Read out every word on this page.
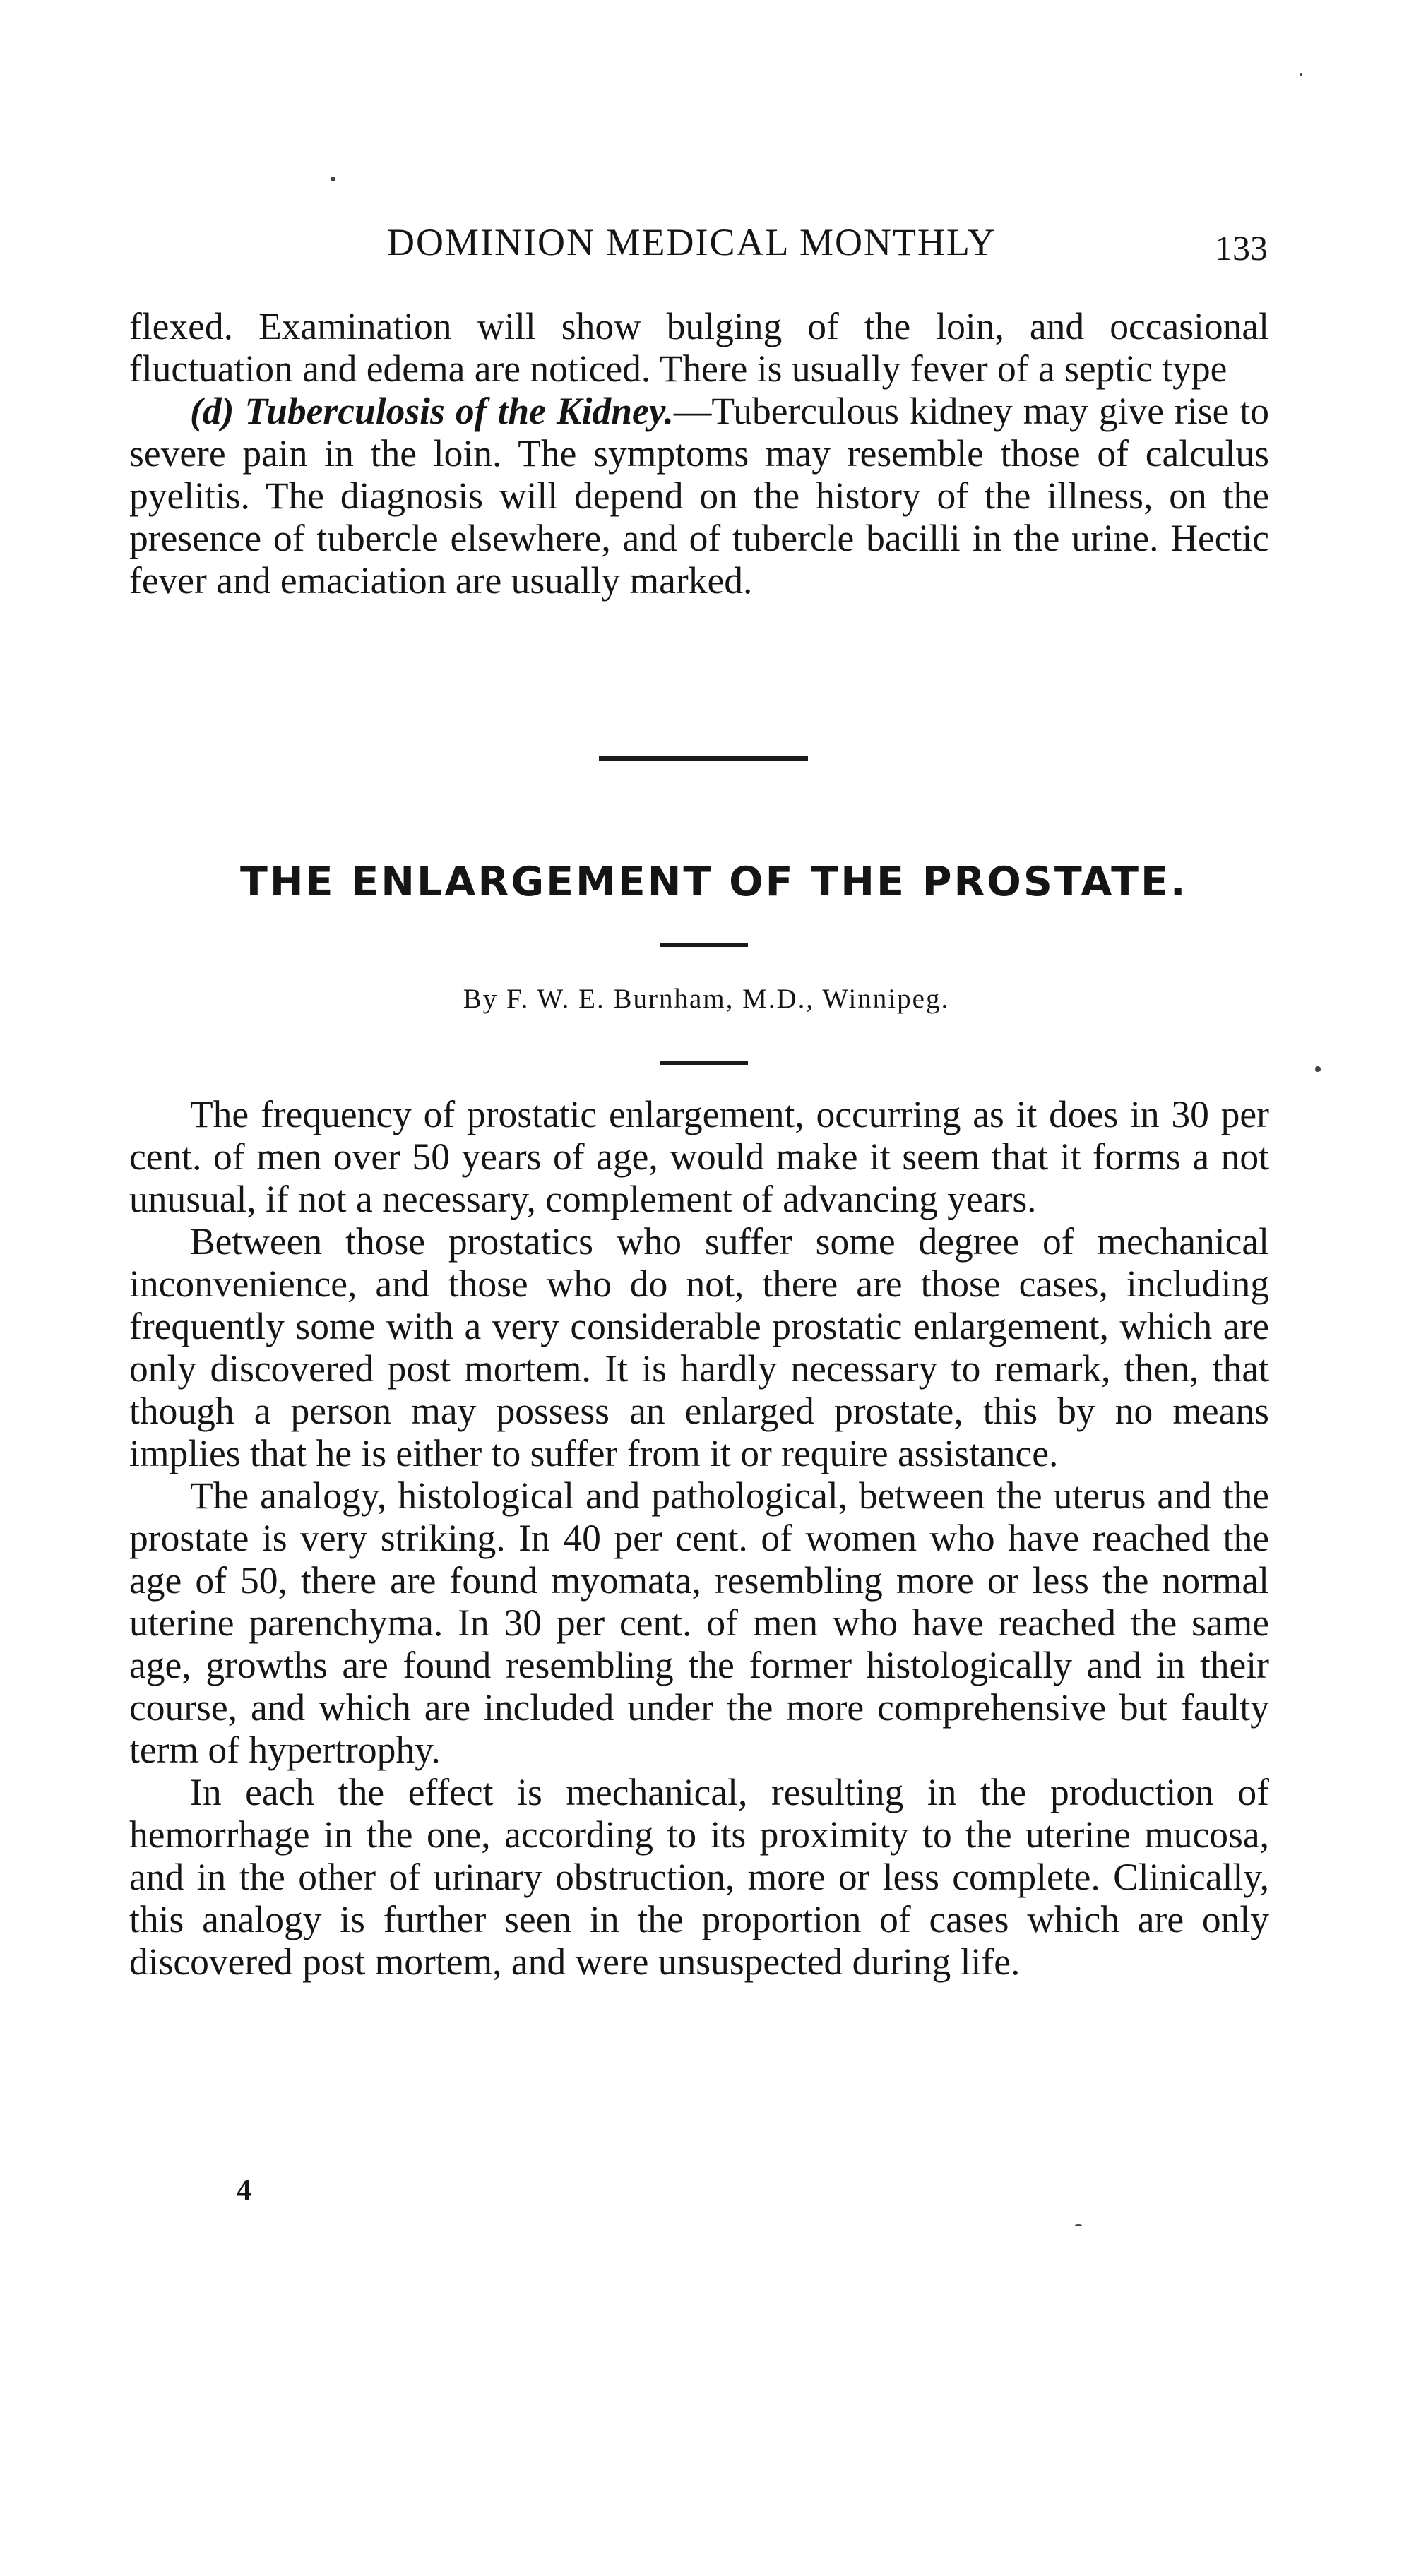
DOMINION MEDICAL MONTHLY	133

flexed. Examination will show bulging of the loin, and occasional fluctuation and edema are noticed. There is usually fever of a septic type

(d) Tuberculosis of the Kidney.—Tuberculous kidney may give rise to severe pain in the loin. The symptoms may resemble those of calculus pyelitis. The diagnosis will depend on the history of the illness, on the presence of tubercle elsewhere, and of tubercle bacilli in the urine. Hectic fever and emaciation are usually marked.

THE ENLARGEMENT OF THE PROSTATE.
By F. W. E. Burnham, M.D., Winnipeg.

The frequency of prostatic enlargement, occurring as it does in 30 per cent. of men over 50 years of age, would make it seem that it forms a not unusual, if not a necessary, complement of advancing years.

Between those prostatics who suffer some degree of mechanical inconvenience, and those who do not, there are those cases, including frequently some with a very considerable prostatic enlargement, which are only discovered post mortem. It is hardly necessary to remark, then, that though a person may possess an enlarged prostate, this by no means implies that he is either to suffer from it or require assistance.

The analogy, histological and pathological, between the uterus and the prostate is very striking. In 40 per cent. of women who have reached the age of 50, there are found myomata, resembling more or less the normal uterine parenchyma. In 30 per cent. of men who have reached the same age, growths are found resembling the former histologically and in their course, and which are included under the more comprehensive but faulty term of hypertrophy.

In each the effect is mechanical, resulting in the production of hemorrhage in the one, according to its proximity to the uterine mucosa, and in the other of urinary obstruction, more or less complete. Clinically, this analogy is further seen in the proportion of cases which are only discovered post mortem, and were unsuspected during life.

4
